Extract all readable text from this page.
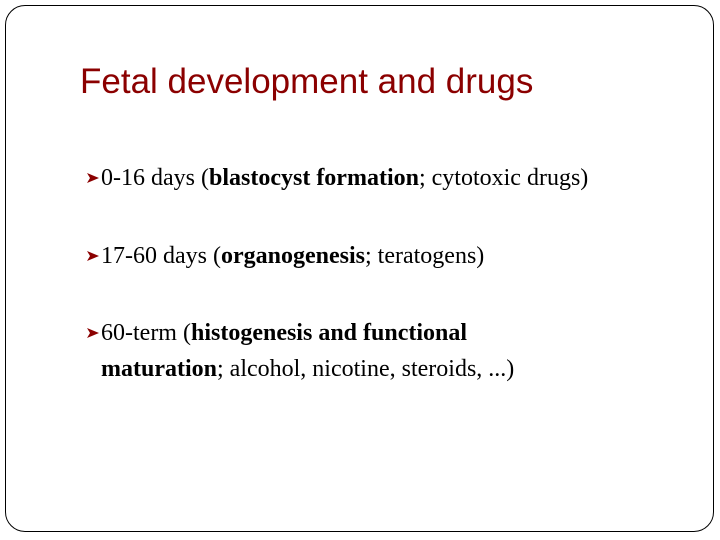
Fetal development and drugs
0-16 days (blastocyst formation; cytotoxic drugs)
17-60 days (organogenesis; teratogens)
60-term (histogenesis and functional
maturation; alcohol, nicotine, steroids, ...)
